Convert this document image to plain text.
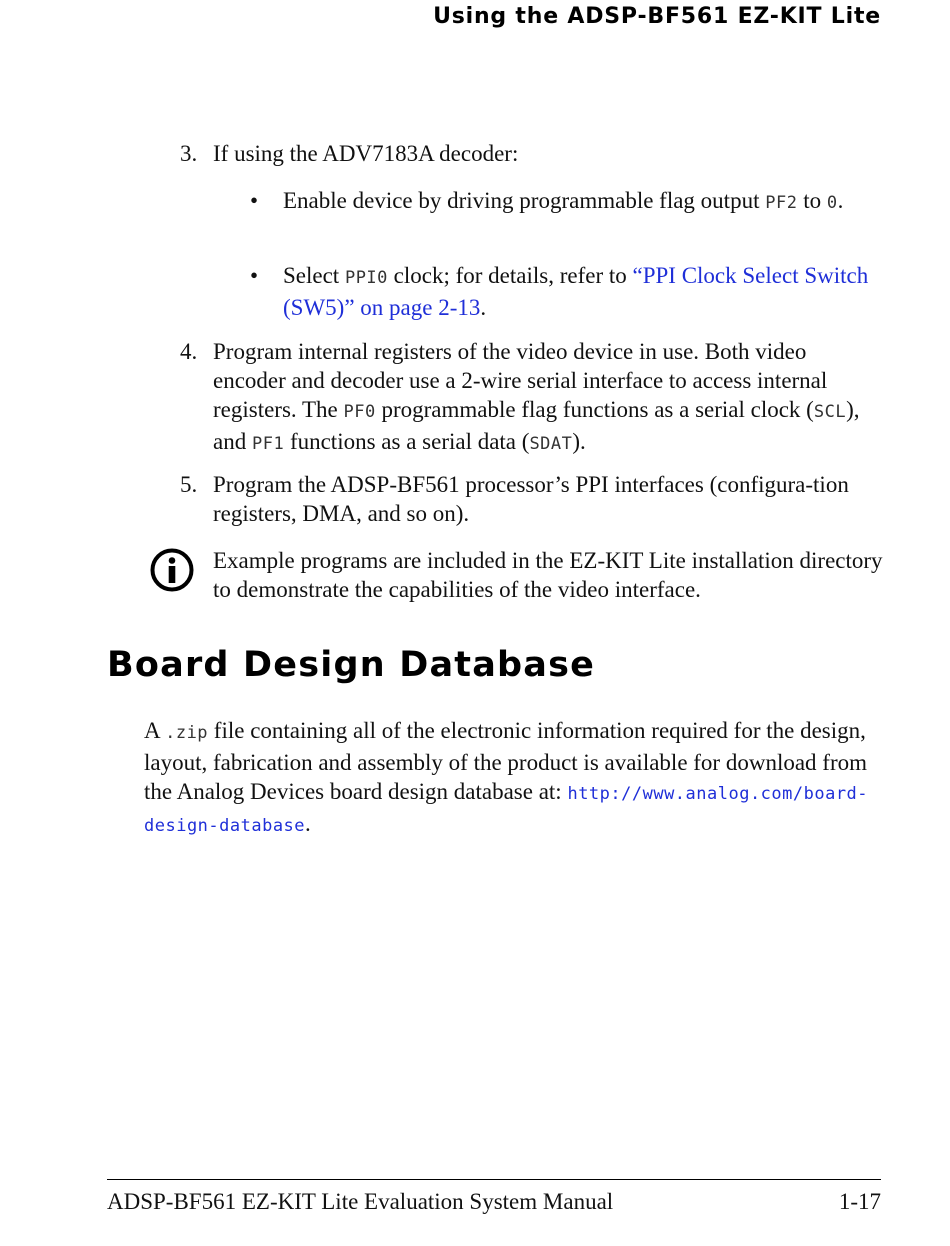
Using the ADSP-BF561 EZ-KIT Lite
3. If using the ADV7183A decoder:
• Enable device by driving programmable flag output PF2 to 0.
• Select PPI0 clock; for details, refer to “PPI Clock Select Switch (SW5)” on page 2-13.
4. Program internal registers of the video device in use. Both video encoder and decoder use a 2-wire serial interface to access internal registers. The PF0 programmable flag functions as a serial clock (SCL), and PF1 functions as a serial data (SDAT).
5. Program the ADSP-BF561 processor’s PPI interfaces (configura-tion registers, DMA, and so on).
Example programs are included in the EZ-KIT Lite installation directory to demonstrate the capabilities of the video interface.
Board Design Database
A .zip file containing all of the electronic information required for the design, layout, fabrication and assembly of the product is available for download from the Analog Devices board design database at: http://www.analog.com/board-design-database.
ADSP-BF561 EZ-KIT Lite Evaluation System Manual	1-17
